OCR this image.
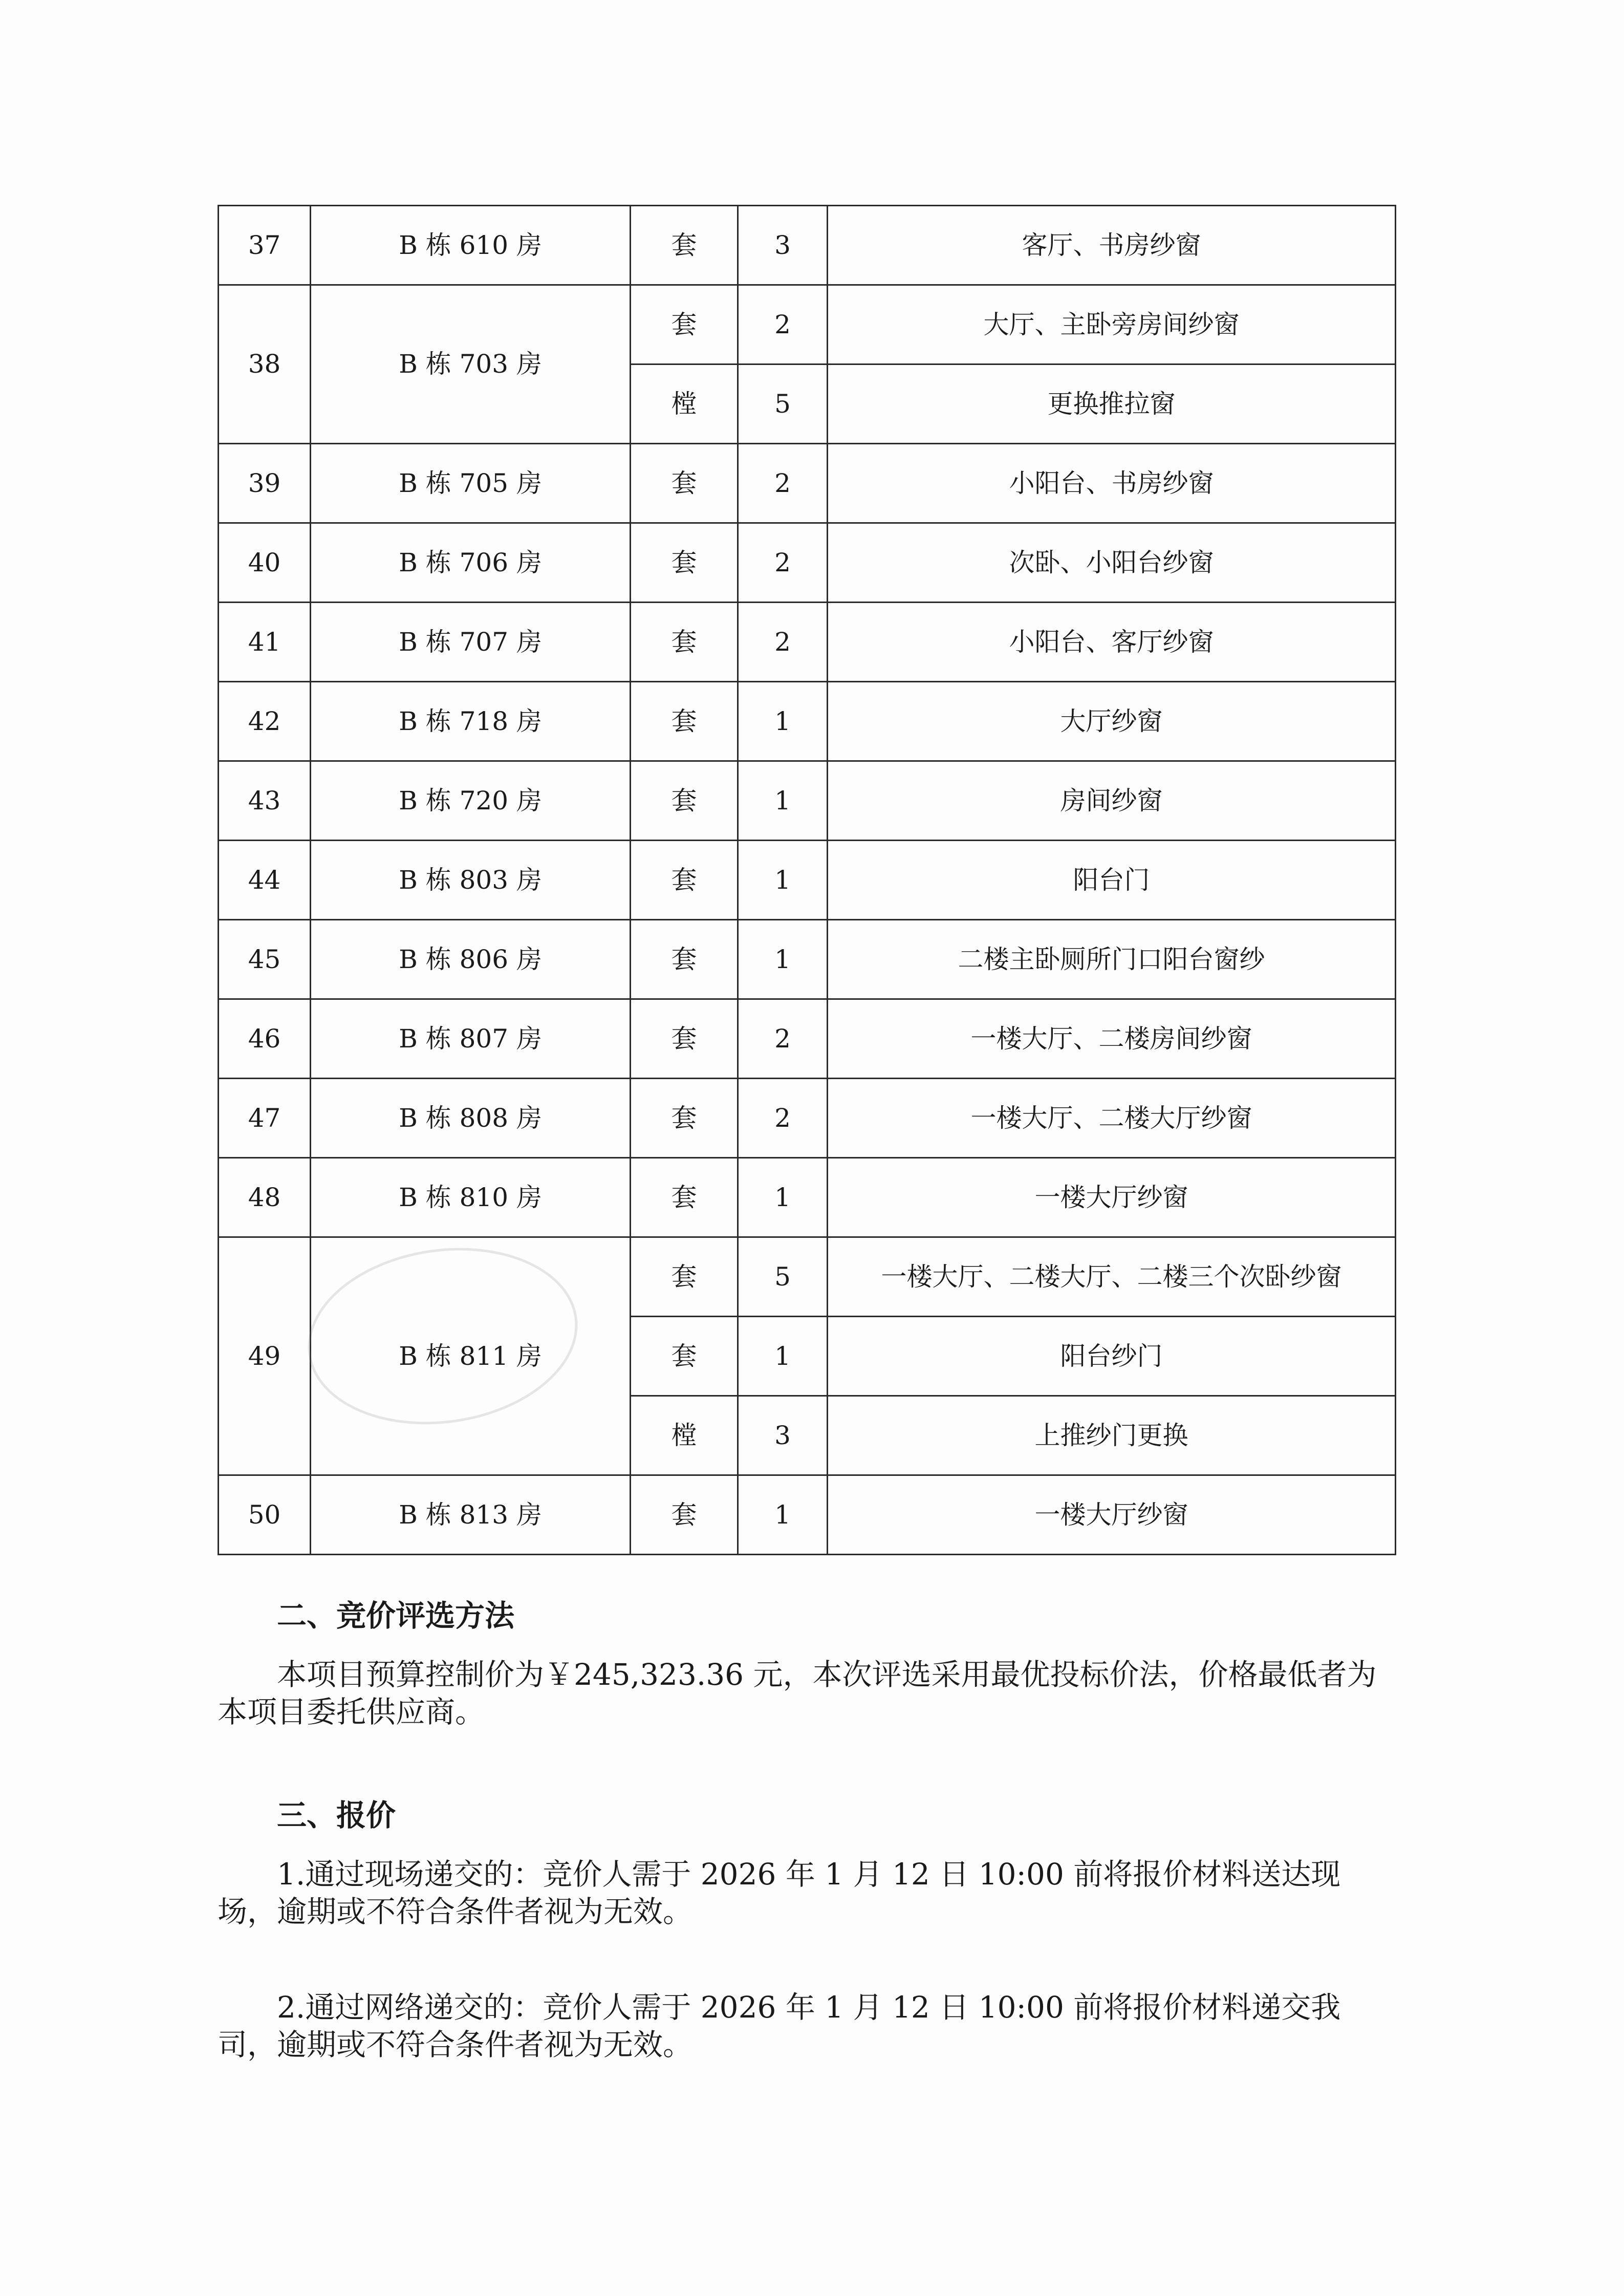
37	B 栋 610 房	套	3	客厅、书房纱窗
38	B 栋 703 房	套	2	大厅、主卧旁房间纱窗
		樘	5	更换推拉窗
39	B 栋 705 房	套	2	小阳台、书房纱窗
40	B 栋 706 房	套	2	次卧、小阳台纱窗
41	B 栋 707 房	套	2	小阳台、客厅纱窗
42	B 栋 718 房	套	1	大厅纱窗
43	B 栋 720 房	套	1	房间纱窗
44	B 栋 803 房	套	1	阳台门
45	B 栋 806 房	套	1	二楼主卧厕所门口阳台窗纱
46	B 栋 807 房	套	2	一楼大厅、二楼房间纱窗
47	B 栋 808 房	套	2	一楼大厅、二楼大厅纱窗
48	B 栋 810 房	套	1	一楼大厅纱窗
49	B 栋 811 房	套	5	一楼大厅、二楼大厅、二楼三个次卧纱窗
		套	1	阳台纱门
		樘	3	上推纱门更换
50	B 栋 813 房	套	1	一楼大厅纱窗

二、竞价评选方法

本项目预算控制价为￥245,323.36 元，本次评选采用最优投标价法，价格最低者为本项目委托供应商。

三、报价

1.通过现场递交的：竞价人需于 2026 年 1 月 12 日 10:00 前将报价材料送达现场，逾期或不符合条件者视为无效。

2.通过网络递交的：竞价人需于 2026 年 1 月 12 日 10:00 前将报价材料递交我司，逾期或不符合条件者视为无效。
